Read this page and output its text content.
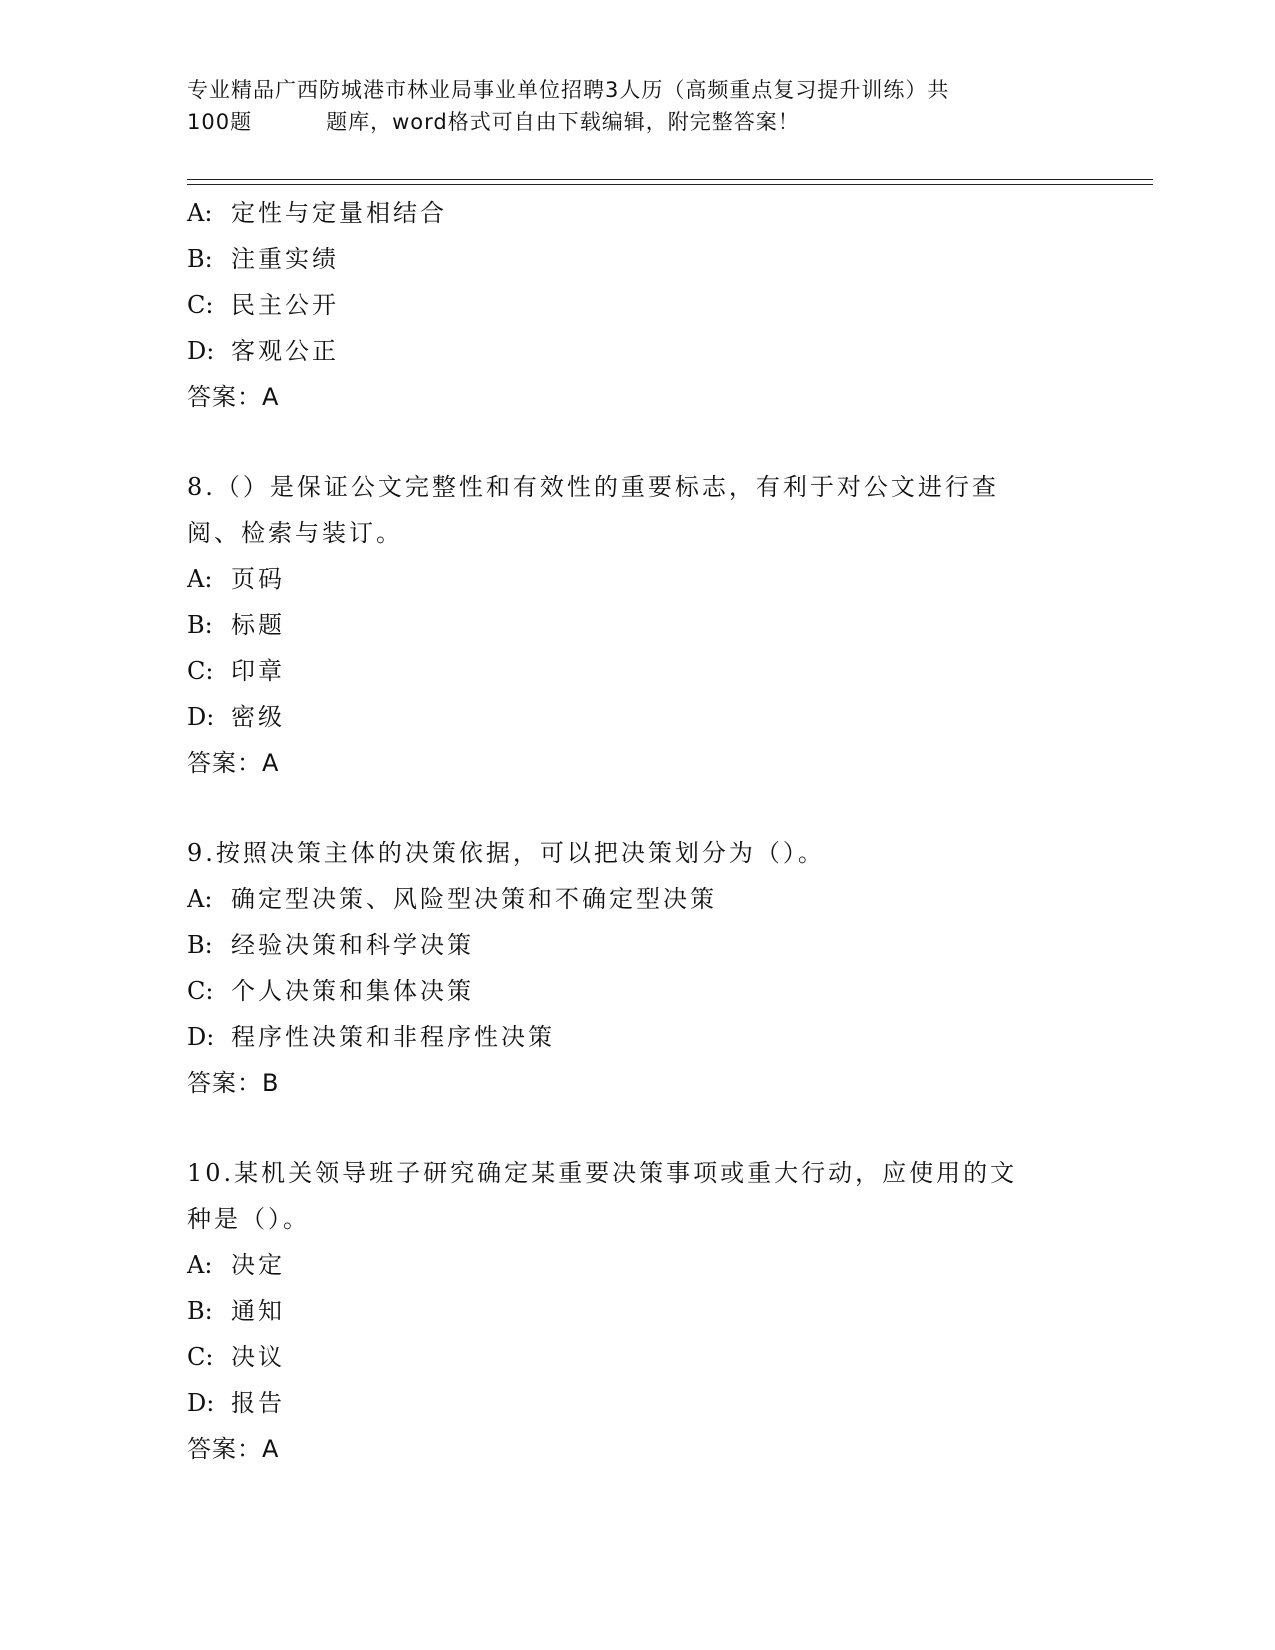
专业精品广西防城港市林业局事业单位招聘3人历（高频重点复习提升训练）共
100题	题库，word格式可自由下载编辑，附完整答案！
A: 定性与定量相结合
B: 注重实绩
C: 民主公开
D: 客观公正
答案：A
8.（）是保证公文完整性和有效性的重要标志，有利于对公文进行查
阅、检索与装订。
A: 页码
B: 标题
C: 印章
D: 密级
答案：A
9.按照决策主体的决策依据，可以把决策划分为（）。
A: 确定型决策、风险型决策和不确定型决策
B: 经验决策和科学决策
C: 个人决策和集体决策
D: 程序性决策和非程序性决策
答案：B
10.某机关领导班子研究确定某重要决策事项或重大行动，应使用的文
种是（）。
A: 决定
B: 通知
C: 决议
D: 报告
答案：A
